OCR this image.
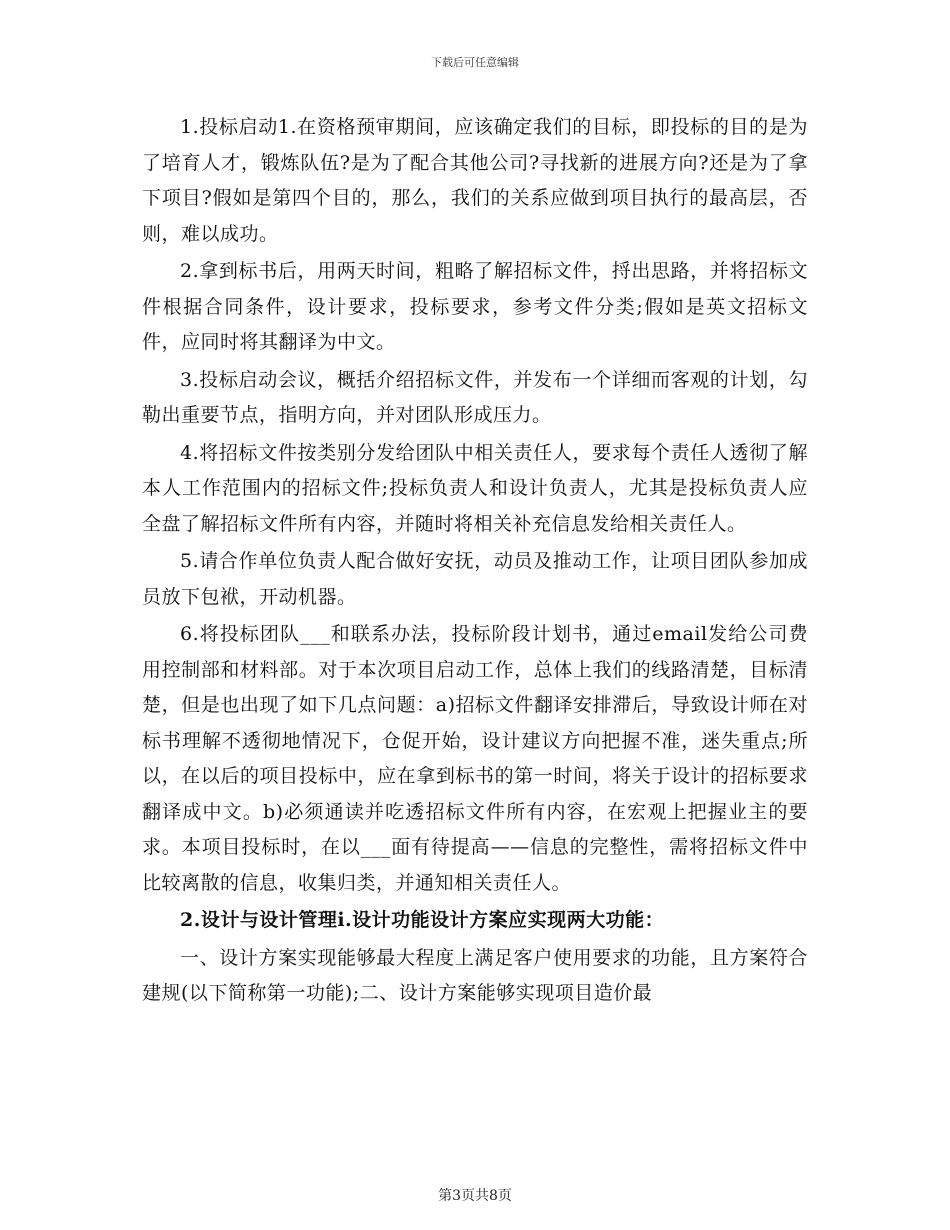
下载后可任意编辑

1.投标启动1.在资格预审期间，应该确定我们的目标，即投标的目的是为了培育人才，锻炼队伍?是为了配合其他公司?寻找新的进展方向?还是为了拿下项目?假如是第四个目的，那么，我们的关系应做到项目执行的最高层，否则，难以成功。

2.拿到标书后，用两天时间，粗略了解招标文件，捋出思路，并将招标文件根据合同条件，设计要求，投标要求，参考文件分类;假如是英文招标文件，应同时将其翻译为中文。

3.投标启动会议，概括介绍招标文件，并发布一个详细而客观的计划，勾勒出重要节点，指明方向，并对团队形成压力。

4.将招标文件按类别分发给团队中相关责任人，要求每个责任人透彻了解本人工作范围内的招标文件;投标负责人和设计负责人，尤其是投标负责人应全盘了解招标文件所有内容，并随时将相关补充信息发给相关责任人。

5.请合作单位负责人配合做好安抚，动员及推动工作，让项目团队参加成员放下包袱，开动机器。

6.将投标团队___和联系办法，投标阶段计划书，通过email发给公司费用控制部和材料部。对于本次项目启动工作，总体上我们的线路清楚，目标清楚，但是也出现了如下几点问题：a)招标文件翻译安排滞后，导致设计师在对标书理解不透彻地情况下，仓促开始，设计建议方向把握不准，迷失重点;所以，在以后的项目投标中，应在拿到标书的第一时间，将关于设计的招标要求翻译成中文。b)必须通读并吃透招标文件所有内容，在宏观上把握业主的要求。本项目投标时，在以___面有待提高——信息的完整性，需将招标文件中比较离散的信息，收集归类，并通知相关责任人。

2.设计与设计管理i.设计功能设计方案应实现两大功能：

一、设计方案实现能够最大程度上满足客户使用要求的功能，且方案符合建规(以下简称第一功能);二、设计方案能够实现项目造价最

第3页共8页
